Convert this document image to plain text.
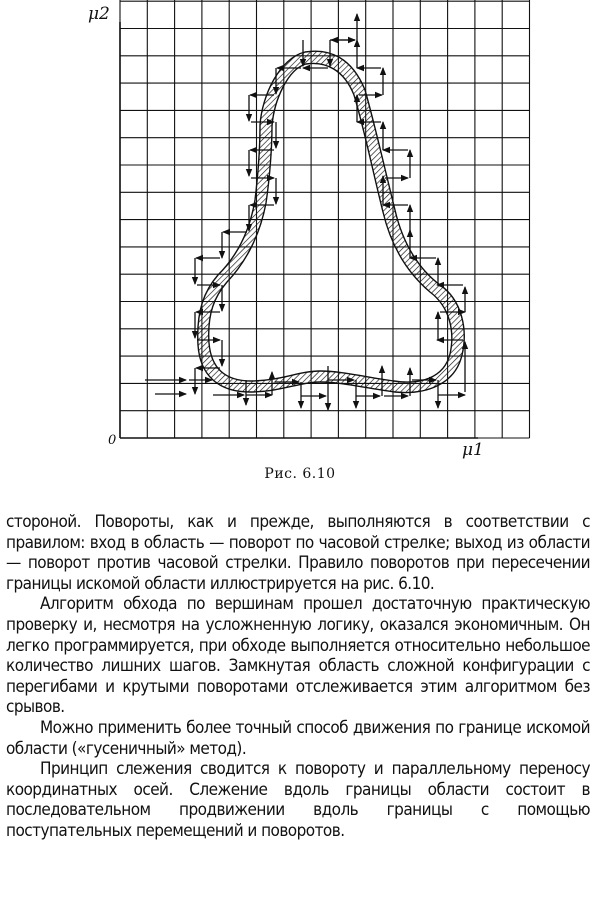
μ2
μ1
0
Рис. 6.10

стороной. Повороты, как и прежде, выполняются в соответствии с правилом: вход в область — поворот по часовой стрелке; выход из области — поворот против часовой стрелки. Правило поворотов при пересечении границы искомой области иллюстрируется на рис. 6.10.

Алгоритм обхода по вершинам прошел достаточную практическую проверку и, несмотря на усложненную логику, оказался экономичным. Он легко программируется, при обходе выполняется относительно небольшое количество лишних шагов. Замкнутая область сложной конфигурации с перегибами и крутыми поворотами отслеживается этим алгоритмом без срывов.

Можно применить более точный способ движения по границе искомой области («гусеничный» метод).

Принцип слежения сводится к повороту и параллельному переносу координатных осей. Слежение вдоль границы области состоит в последовательном продвижении вдоль границы с помощью поступательных перемещений и поворотов.
